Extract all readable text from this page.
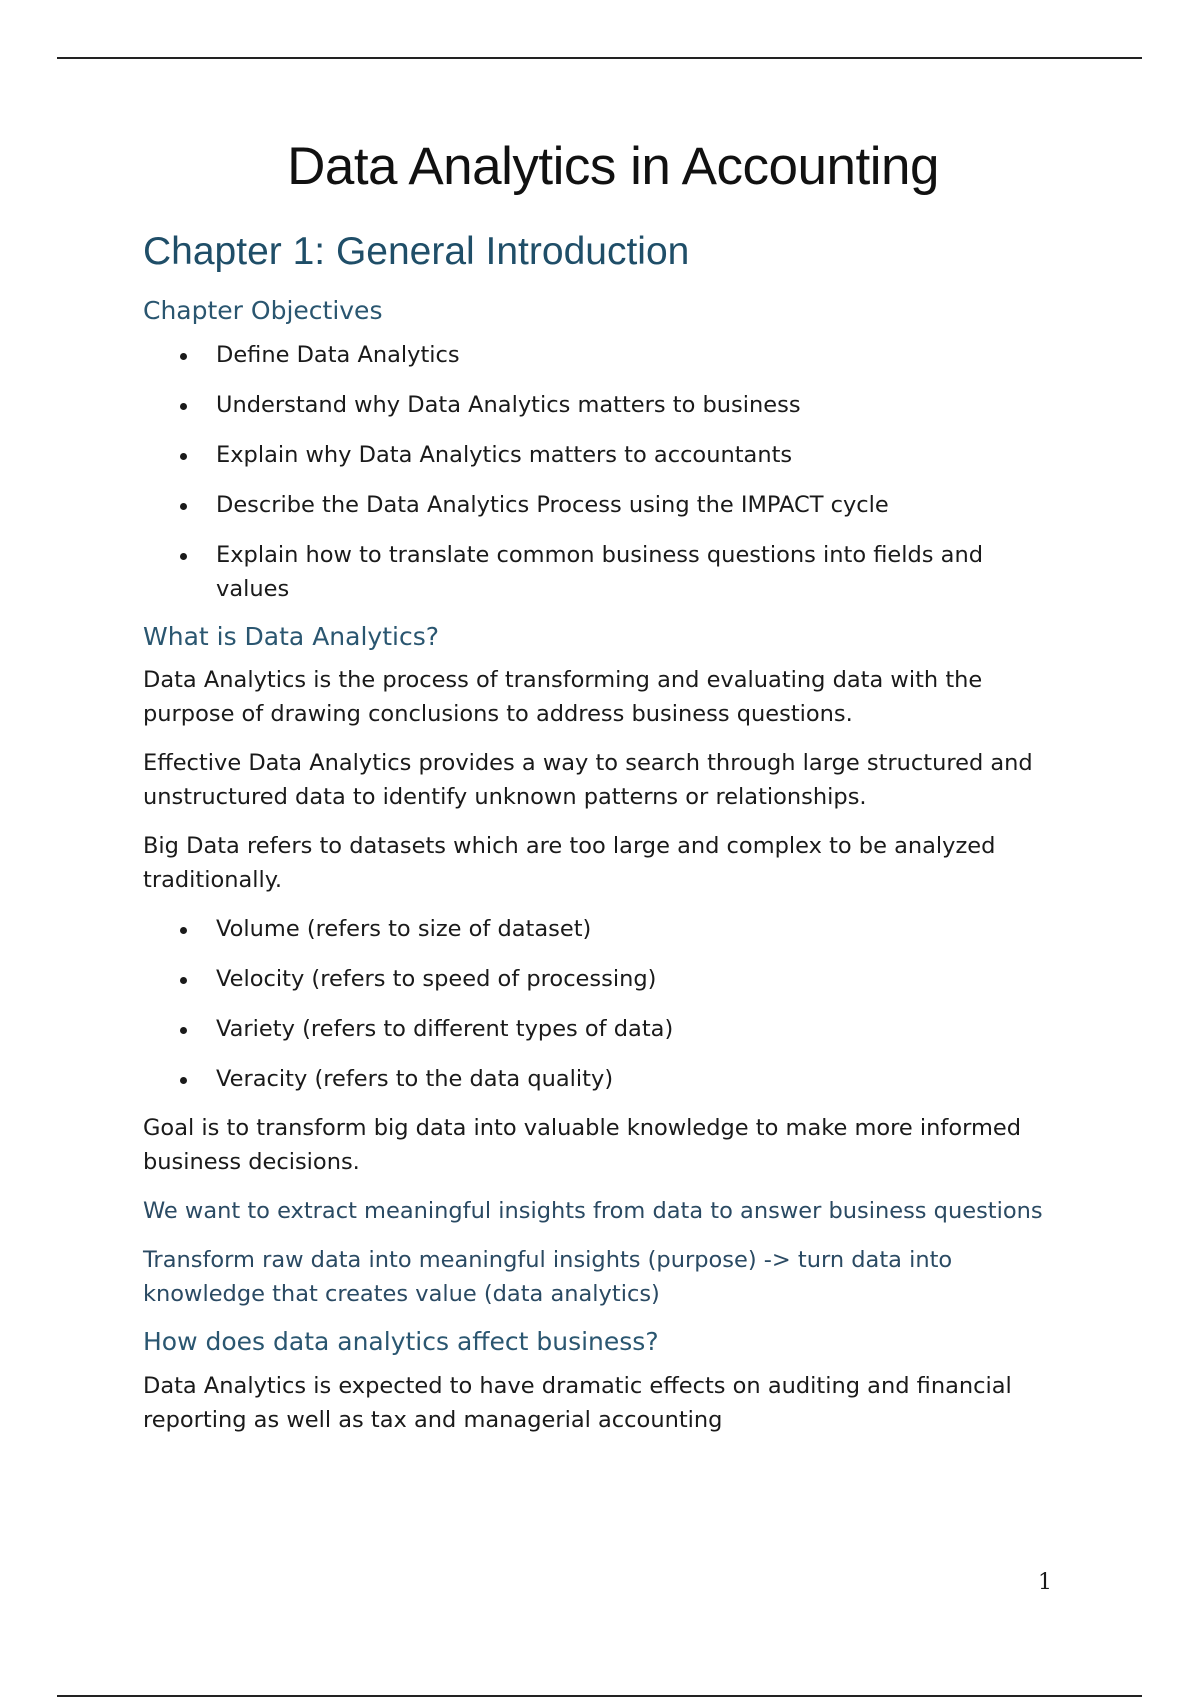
Data Analytics in Accounting
Chapter 1: General Introduction
Chapter Objectives
Define Data Analytics
Understand why Data Analytics matters to business
Explain why Data Analytics matters to accountants
Describe the Data Analytics Process using the IMPACT cycle
Explain how to translate common business questions into fields and values
What is Data Analytics?

Data Analytics is the process of transforming and evaluating data with the purpose of drawing conclusions to address business questions.

Effective Data Analytics provides a way to search through large structured and unstructured data to identify unknown patterns or relationships.

Big Data refers to datasets which are too large and complex to be analyzed traditionally.

Volume (refers to size of dataset)
Velocity (refers to speed of processing)
Variety (refers to different types of data)
Veracity (refers to the data quality)

Goal is to transform big data into valuable knowledge to make more informed business decisions.

We want to extract meaningful insights from data to answer business questions

Transform raw data into meaningful insights (purpose) -> turn data into knowledge that creates value (data analytics)

How does data analytics affect business?

Data Analytics is expected to have dramatic effects on auditing and financial reporting as well as tax and managerial accounting

1
